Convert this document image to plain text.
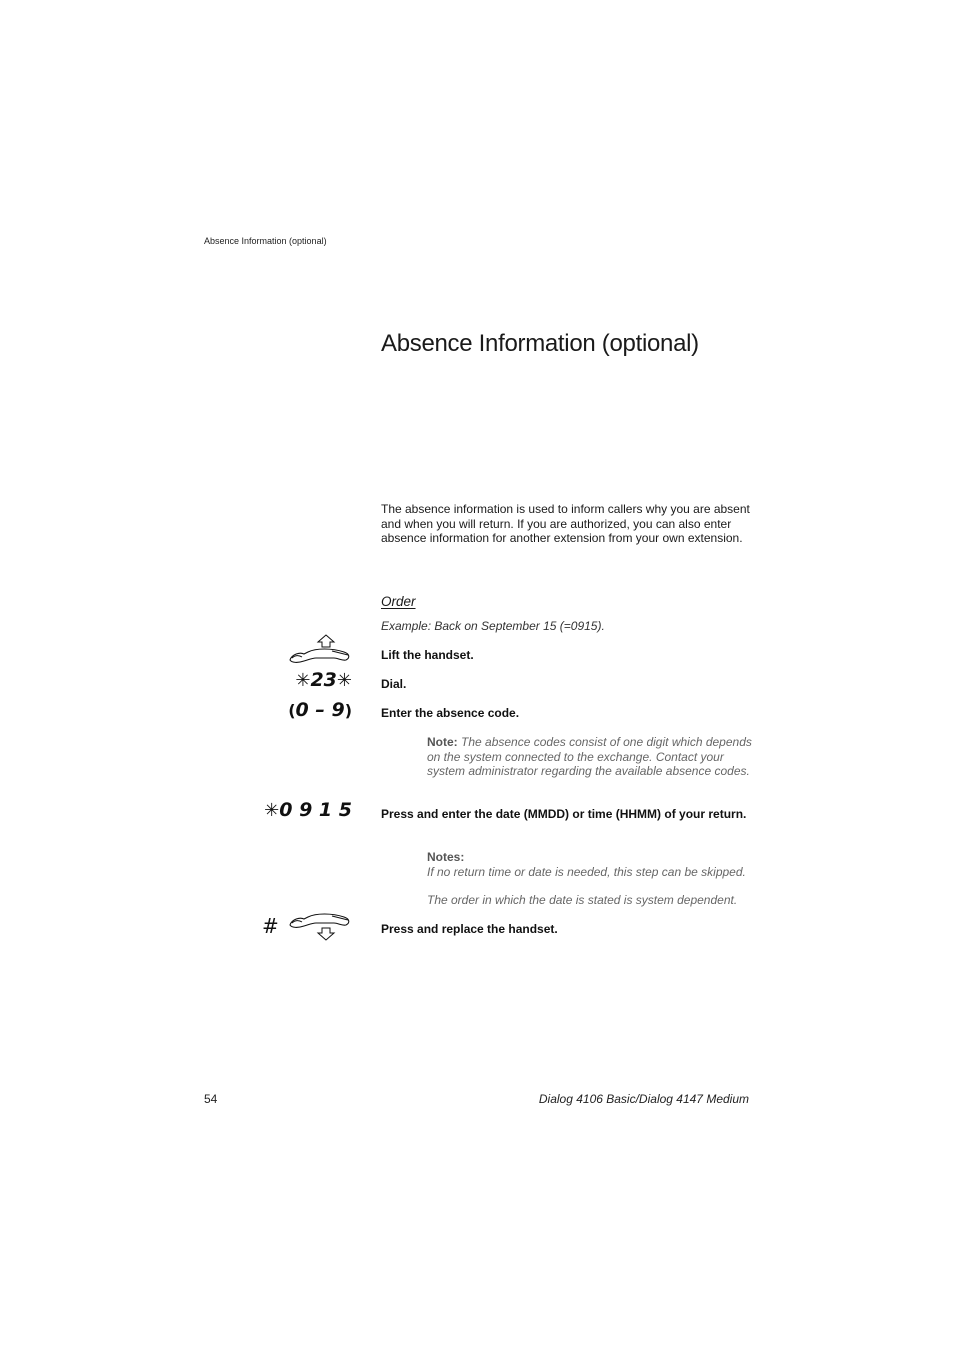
Absence Information (optional)
Absence Information (optional)

The absence information is used to inform callers why you are absent and when you will return. If you are authorized, you can also enter absence information for another extension from your own extension.

Order
Example: Back on September 15 (=0915).
Lift the handset.
✳23✳ Dial.
(0 – 9) Enter the absence code.
Note: The absence codes consist of one digit which depends on the system connected to the exchange. Contact your system administrator regarding the available absence codes.
✳0 9 1 5 Press and enter the date (MMDD) or time (HHMM) of your return.
Notes:
If no return time or date is needed, this step can be skipped.
The order in which the date is stated is system dependent.
#	Press and replace the handset.
54	Dialog 4106 Basic/Dialog 4147 Medium
